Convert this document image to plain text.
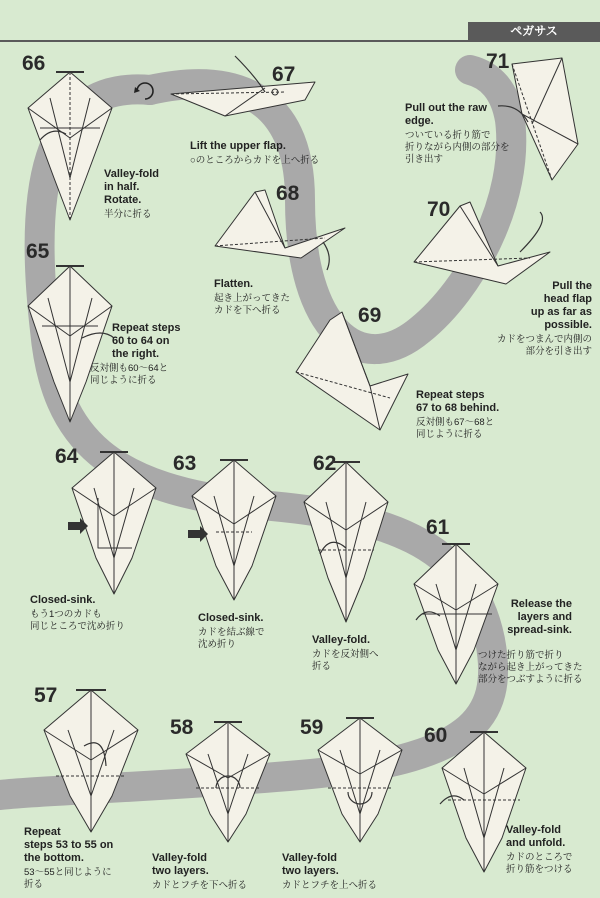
ペガサス
66
Valley-fold
in half.
Rotate.
半分に折る
67
Lift the upper flap.
○のところからカドを上へ折る
71
Pull out the raw
edge.
ついている折り筋で
折りながら内側の部分を
引き出す
68
Flatten.
起き上がってきた
カドを下へ折る
70
Pull the
head flap
up as far as
possible.
カドをつまんで内側の
部分を引き出す
65
Repeat steps
60 to 64 on
the right.
反対側も60～64と
同じように折る
69
Repeat steps
67 to 68 behind.
反対側も67～68と
同じように折る
64
Closed-sink.
もう1つのカドも
同じところで沈め折り
63
Closed-sink.
カドを結ぶ線で
沈め折り
62
Valley-fold.
カドを反対側へ
折る
61
Release the
layers and
spread-sink.
つけた折り筋で折り
ながら起き上がってきた
部分をつぶすように折る
57
Repeat
steps 53 to 55 on
the bottom.
53～55と同じように
折る
58
Valley-fold
two layers.
カドとフチを下へ折る
59
Valley-fold
two layers.
カドとフチを上へ折る
60
Valley-fold
and unfold.
カドのところで
折り筋をつける
